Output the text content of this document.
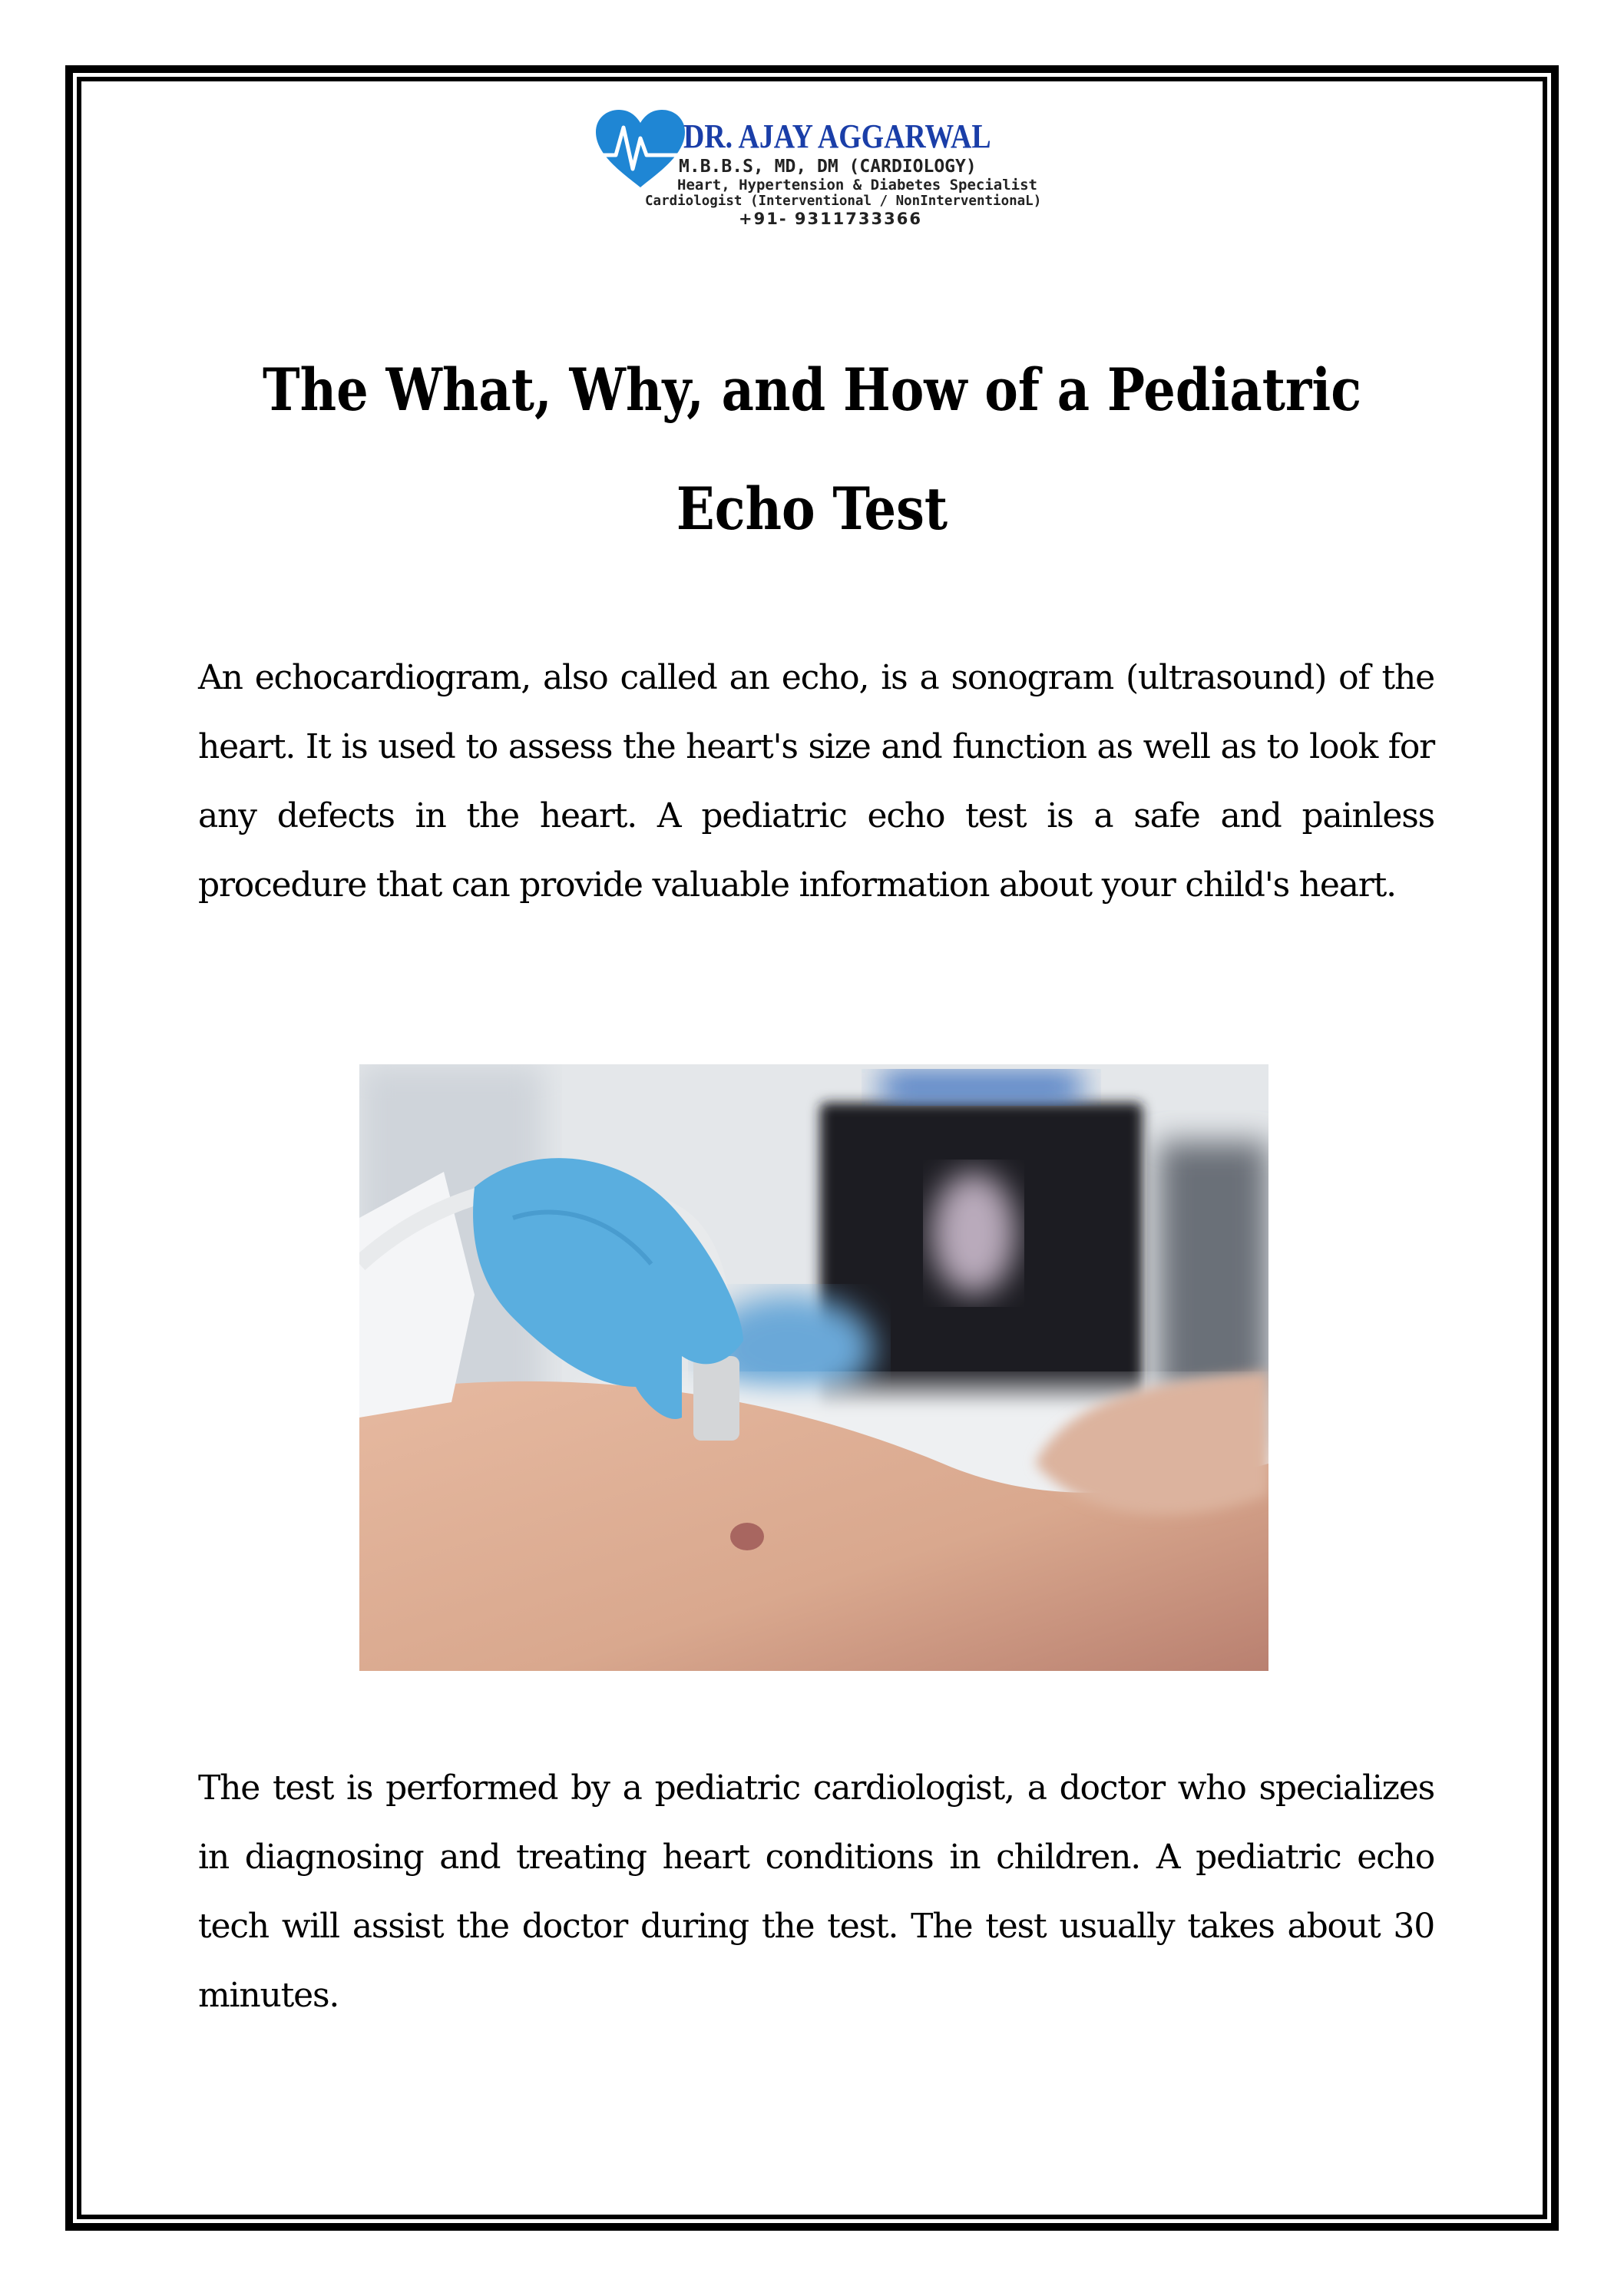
DR. AJAY AGGARWAL
M.B.B.S, MD, DM (CARDIOLOGY)
Heart, Hypertension & Diabetes Specialist
Cardiologist (Interventional / NonInterventionaL)
+91- 9311733366
The What, Why, and How of a Pediatric
Echo Test
An echocardiogram, also called an echo, is a sonogram (ultrasound) of the heart. It is used to assess the heart's size and function as well as to look for any defects in the heart. A pediatric echo test is a safe and painless procedure that can provide valuable information about your child's heart.
The test is performed by a pediatric cardiologist, a doctor who specializes in diagnosing and treating heart conditions in children. A pediatric echo tech will assist the doctor during the test. The test usually takes about 30 minutes.
